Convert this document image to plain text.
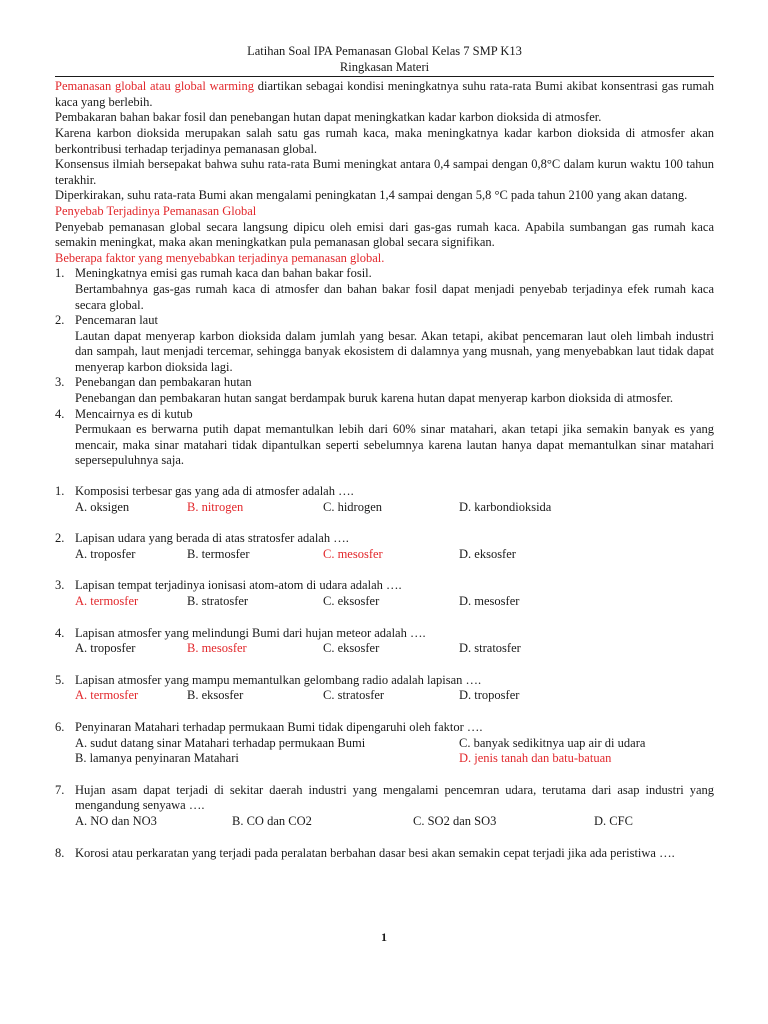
Latihan Soal IPA Pemanasan Global Kelas 7 SMP K13
Ringkasan Materi

Pemanasan global atau global warming diartikan sebagai kondisi meningkatnya suhu rata-rata Bumi akibat konsentrasi gas rumah kaca yang berlebih.

Pembakaran bahan bakar fosil dan penebangan hutan dapat meningkatkan kadar karbon dioksida di atmosfer.

Karena karbon dioksida merupakan salah satu gas rumah kaca, maka meningkatnya kadar karbon dioksida di atmosfer akan berkontribusi terhadap terjadinya pemanasan global.

Konsensus ilmiah bersepakat bahwa suhu rata-rata Bumi meningkat antara 0,4 sampai dengan 0,8°C dalam kurun waktu 100 tahun terakhir.

Diperkirakan, suhu rata-rata Bumi akan mengalami peningkatan 1,4 sampai dengan 5,8 °C pada tahun 2100 yang akan datang.

Penyebab Terjadinya Pemanasan Global

Penyebab pemanasan global secara langsung dipicu oleh emisi dari gas-gas rumah kaca. Apabila sumbangan gas rumah kaca semakin meningkat, maka akan meningkatkan pula pemanasan global secara signifikan.

Beberapa faktor yang menyebabkan terjadinya pemanasan global.

1. Meningkatnya emisi gas rumah kaca dan bahan bakar fosil.
Bertambahnya gas-gas rumah kaca di atmosfer dan bahan bakar fosil dapat menjadi penyebab terjadinya efek rumah kaca secara global.
2. Pencemaran laut
Lautan dapat menyerap karbon dioksida dalam jumlah yang besar. Akan tetapi, akibat pencemaran laut oleh limbah industri dan sampah, laut menjadi tercemar, sehingga banyak ekosistem di dalamnya yang musnah, yang menyebabkan laut tidak dapat menyerap karbon dioksida lagi.
3. Penebangan dan pembakaran hutan
Penebangan dan pembakaran hutan sangat berdampak buruk karena hutan dapat menyerap karbon dioksida di atmosfer.
4. Mencairnya es di kutub
Permukaan es berwarna putih dapat memantulkan lebih dari 60% sinar matahari, akan tetapi jika semakin banyak es yang mencair, maka sinar matahari tidak dipantulkan seperti sebelumnya karena lautan hanya dapat memantulkan sinar matahari sepersepuluhnya saja.
1. Komposisi terbesar gas yang ada di atmosfer adalah ….
A. oksigen	B. nitrogen	C. hidrogen	D. karbondioksida
2. Lapisan udara yang berada di atas stratosfer adalah ….
A. troposfer	B. termosfer	C. mesosfer	D. eksosfer
3. Lapisan tempat terjadinya ionisasi atom-atom di udara adalah ….
A. termosfer	B. stratosfer	C. eksosfer	D. mesosfer
4. Lapisan atmosfer yang melindungi Bumi dari hujan meteor adalah ….
A. troposfer	B. mesosfer	C. eksosfer	D. stratosfer
5. Lapisan atmosfer yang mampu memantulkan gelombang radio adalah lapisan ….
A. termosfer	B. eksosfer	C. stratosfer	D. troposfer
6. Penyinaran Matahari terhadap permukaan Bumi tidak dipengaruhi oleh faktor ….
A. sudut datang sinar Matahari terhadap permukaan Bumi	C. banyak sedikitnya uap air di udara
B. lamanya penyinaran Matahari	D. jenis tanah dan batu-batuan
7. Hujan asam dapat terjadi di sekitar daerah industri yang mengalami pencemran udara, terutama dari asap industri yang mengandung senyawa ….
A. NO dan NO3	B. CO dan CO2	C. SO2 dan SO3	D. CFC
8. Korosi atau perkaratan yang terjadi pada peralatan berbahan dasar besi akan semakin cepat terjadi jika ada peristiwa ….
1
